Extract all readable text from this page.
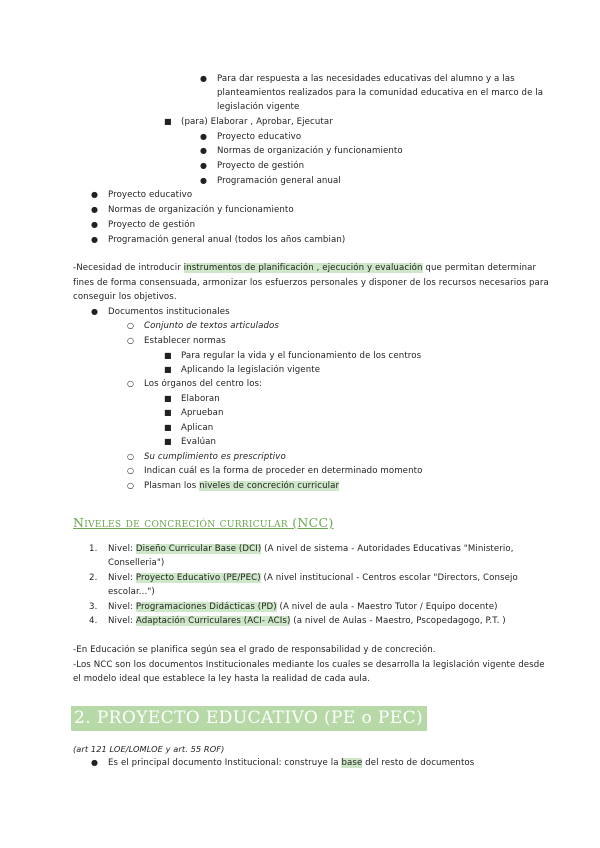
● Para dar respuesta a las necesidades educativas del alumno y a las
planteamientos realizados para la comunidad educativa en el marco de la
legislación vigente
■ (para) Elaborar , Aprobar, Ejecutar
● Proyecto educativo
● Normas de organización y funcionamiento
● Proyecto de gestión
● Programación general anual
● Proyecto educativo
● Normas de organización y funcionamiento
● Proyecto de gestión
● Programación general anual (todos los años cambian)
-Necesidad de introducir instrumentos de planificación , ejecución y evaluación que permitan determinar
fines de forma consensuada, armonizar los esfuerzos personales y disponer de los recursos necesarios para
conseguir los objetivos.
● Documentos institucionales
○ Conjunto de textos articulados
○ Establecer normas
■ Para regular la vida y el funcionamiento de los centros
■ Aplicando la legislación vigente
○ Los órganos del centro los:
■ Elaboran
■ Aprueban
■ Aplican
■ Evalúan
○ Su cumplimiento es prescriptivo
○ Indican cuál es la forma de proceder en determinado momento
○ Plasman los niveles de concreción curricular
Niveles de concreción curricular (NCC)
1. Nivel: Diseño Curricular Base (DCI) (A nivel de sistema - Autoridades Educativas "Ministerio,
Conselleria")
2. Nivel: Proyecto Educativo (PE/PEC) (A nivel institucional - Centros escolar "Directors, Consejo
escolar...")
3. Nivel: Programaciones Didácticas (PD) (A nivel de aula - Maestro Tutor / Equipo docente)
4. Nivel: Adaptación Curriculares (ACI- ACIs) (a nivel de Aulas - Maestro, Pscopedagogo, P.T. )
-En Educación se planifica según sea el grado de responsabilidad y de concreción.
-Los NCC son los documentos Institucionales mediante los cuales se desarrolla la legislación vigente desde
el modelo ideal que establece la ley hasta la realidad de cada aula.
2. PROYECTO EDUCATIVO (PE o PEC)
(art 121 LOE/LOMLOE y art. 55 ROF)
● Es el principal documento Institucional: construye la base del resto de documentos
